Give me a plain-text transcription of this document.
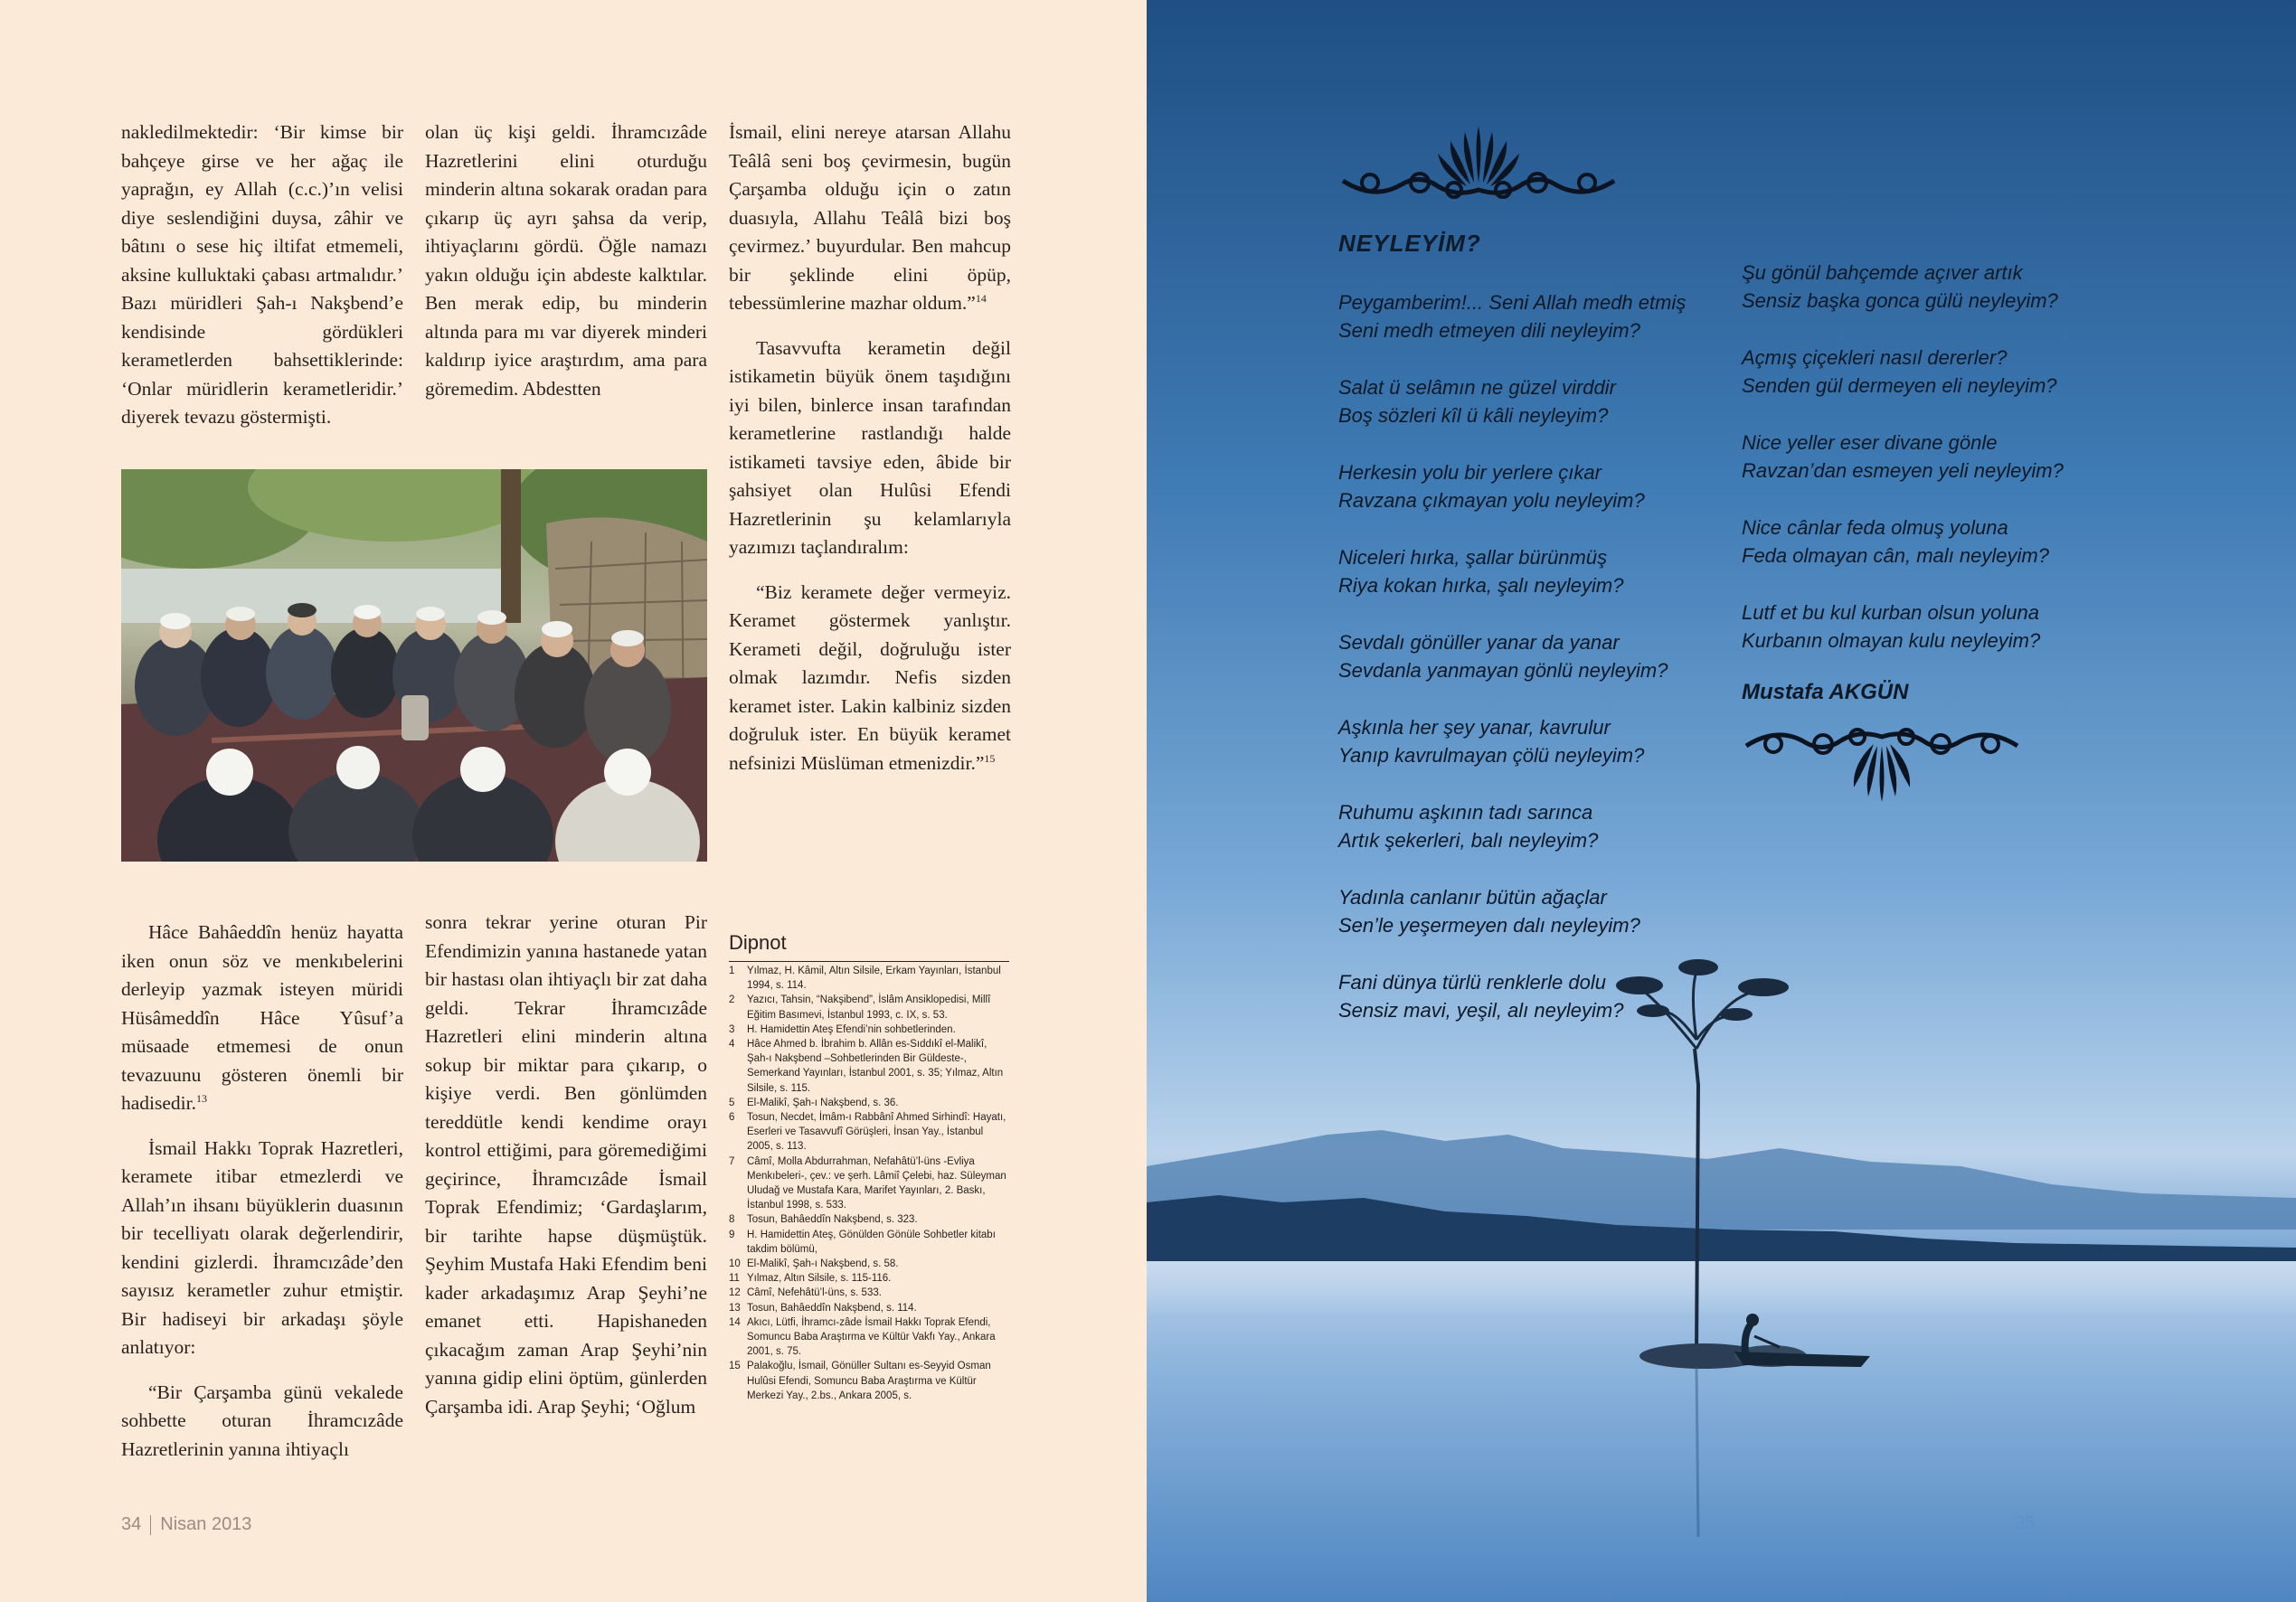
nakledilmektedir: ‘Bir kimse bir bahçeye girse ve her ağaç ile yaprağın, ey Allah (c.c.)’ın velisi diye seslendiğini duysa, zâhir ve bâtını o sese hiç iltifat etmemeli, aksine kulluktaki çabası artmalıdır.’ Bazı müridleri Şah-ı Nakşbend’e kendisinde gördükleri kerametlerden bahsettiklerinde: ‘Onlar müridlerin kerametleridir.’ diyerek tevazu göstermişti.

olan üç kişi geldi. İhramcızâde Hazretlerini elini oturduğu minderin altına sokarak oradan para çıkarıp üç ayrı şahsa da verip, ihtiyaçlarını gördü. Öğle namazı yakın olduğu için abdeste kalktılar. Ben merak edip, bu minderin altında para mı var diyerek minderi kaldırıp iyice araştırdım, ama para göremedim. Abdestten

İsmail, elini nereye atarsan Allahu Teâlâ seni boş çevirmesin, bugün Çarşamba olduğu için o zatın duasıyla, Allahu Teâlâ bizi boş çevirmez.’ buyurdular. Ben mahcup bir şeklinde elini öpüp, tebessümlerine mazhar oldum.”$^{14}$

Tasavvufta kerametin değil istikametin büyük önem taşıdığını iyi bilen, binlerce insan tarafından kerametlerine rastlandığı halde istikameti tavsiye eden, âbide bir şahsiyet olan Hulûsi Efendi Hazretlerinin şu kelamlarıyla yazımızı taçlandıralım:

“Biz keramete değer vermeyiz. Keramet göstermek yanlıştır. Kerameti değil, doğruluğu ister olmak lazımdır. Nefis sizden keramet ister. Lakin kalbiniz sizden doğruluk ister. En büyük keramet nefsinizi Müslüman etmenizdir.”$^{15}$

Hâce Bahâeddîn henüz hayatta iken onun söz ve menkıbelerini derleyip yazmak isteyen müridi Hüsâmeddîn Hâce Yûsuf’a müsaade etmemesi de onun tevazuunu gösteren önemli bir hadisedir.$^{13}$

İsmail Hakkı Toprak Hazretleri, keramete itibar etmezlerdi ve Allah’ın ihsanı büyüklerin duasının bir tecelliyatı olarak değerlendirir, kendini gizlerdi. İhramcızâde’den sayısız kerametler zuhur etmiştir. Bir hadiseyi bir arkadaşı şöyle anlatıyor:

“Bir Çarşamba günü vekalede sohbette oturan İhramcızâde Hazretlerinin yanına ihtiyaçlı

sonra tekrar yerine oturan Pir Efendimizin yanına hastanede yatan bir hastası olan ihtiyaçlı bir zat daha geldi. Tekrar İhramcızâde Hazretleri elini minderin altına sokup bir miktar para çıkarıp, o kişiye verdi. Ben gönlümden tereddütle kendi kendime orayı kontrol ettiğimi, para göremediğimi geçirince, İhramcızâde İsmail Toprak Efendimiz; ‘Gardaşlarım, bir tarihte hapse düşmüştük. Şeyhim Mustafa Haki Efendim beni kader arkadaşımız Arap Şeyhi’ne emanet etti. Hapishaneden çıkacağım zaman Arap Şeyhi’nin yanına gidip elini öptüm, günlerden Çarşamba idi. Arap Şeyhi; ‘Oğlum

Dipnot
1	Yılmaz, H. Kâmil, Altın Silsile, Erkam Yayınları, İstanbul 1994, s. 114.
2	Yazıcı, Tahsin, “Nakşibend”, İslâm Ansiklopedisi, Millî Eğitim Basımevi, İstanbul 1993, c. IX, s. 53.
3	H. Hamidettin Ateş Efendi’nin sohbetlerinden.
4	Hâce Ahmed b. İbrahim b. Allân es-Sıddıkî el-Malikî, Şah-ı Nakşbend –Sohbetlerinden Bir Güldeste-, Semerkand Yayınları, İstanbul 2001, s. 35; Yılmaz, Altın Silsile, s. 115.
5	El-Malikî, Şah-ı Nakşbend, s. 36.
6	Tosun, Necdet, İmâm-ı Rabbânî Ahmed Sirhindî: Hayatı, Eserleri ve Tasavvufî Görüşleri, İnsan Yay., İstanbul 2005, s. 113.
7	Câmî, Molla Abdurrahman, Nefahâtü’l-üns -Evliya Menkıbeleri-, çev.: ve şerh. Lâmiî Çelebi, haz. Süleyman Uludağ ve Mustafa Kara, Marifet Yayınları, 2. Baskı, İstanbul 1998, s. 533.
8	Tosun, Bahâeddîn Nakşbend, s. 323.
9	H. Hamidettin Ateş, Gönülden Gönüle Sohbetler kitabı takdim bölümü,
10 El-Malikî, Şah-ı Nakşbend, s. 58.
11 Yılmaz, Altın Silsile, s. 115-116.
12 Câmî, Nefehâtü’l-üns, s. 533.
13 Tosun, Bahâeddîn Nakşbend, s. 114.
14 Akıcı, Lütfi, İhramcı-zâde İsmail Hakkı Toprak Efendi, Somuncu Baba Araştırma ve Kültür Vakfı Yay., Ankara 2001, s. 75.
15 Palakoğlu, İsmail, Gönüller Sultanı es-Seyyid Osman Hulûsi Efendi, Somuncu Baba Araştırma ve Kültür Merkezi Yay., 2.bs., Ankara 2005, s.
34 Nisan 2013
NEYLEYİM?
Peygamberim!... Seni Allah medh etmiş
Seni medh etmeyen dili neyleyim?
Salat ü selâmın ne güzel virddir
Boş sözleri kîl ü kâli neyleyim?
Herkesin yolu bir yerlere çıkar
Ravzana çıkmayan yolu neyleyim?
Niceleri hırka, şallar bürünmüş
Riya kokan hırka, şalı neyleyim?
Sevdalı gönüller yanar da yanar
Sevdanla yanmayan gönlü neyleyim?
Aşkınla her şey yanar, kavrulur
Yanıp kavrulmayan çölü neyleyim?
Ruhumu aşkının tadı sarınca
Artık şekerleri, balı neyleyim?
Yadınla canlanır bütün ağaçlar
Sen’le yeşermeyen dalı neyleyim?
Fani dünya türlü renklerle dolu
Sensiz mavi, yeşil, alı neyleyim?
Şu gönül bahçemde açıver artık
Sensiz başka gonca gülü neyleyim?
Açmış çiçekleri nasıl dererler?
Senden gül dermeyen eli neyleyim?
Nice yeller eser divane gönle
Ravzan’dan esmeyen yeli neyleyim?
Nice cânlar feda olmuş yoluna
Feda olmayan cân, malı neyleyim?
Lutf et bu kul kurban olsun yoluna
Kurbanın olmayan kulu neyleyim?
Mustafa AKGÜN
35
